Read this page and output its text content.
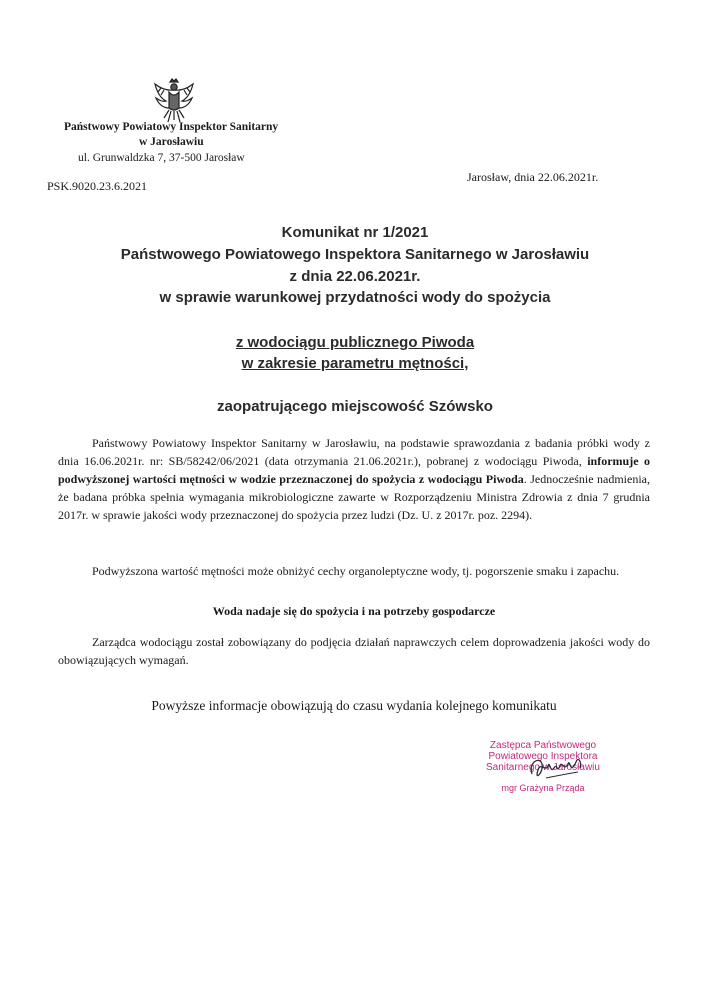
Państwowy Powiatowy Inspektor Sanitarny
w Jarosławiu
ul. Grunwaldzka 7, 37-500 Jarosław
PSK.9020.23.6.2021
Jarosław, dnia 22.06.2021r.
Komunikat nr 1/2021
Państwowego Powiatowego Inspektora Sanitarnego w Jarosławiu
z dnia 22.06.2021r.
w sprawie warunkowej przydatności wody do spożycia
z wodociągu publicznego Piwoda
w zakresie parametru mętności,
zaopatrującego miejscowość Szówsko
Państwowy Powiatowy Inspektor Sanitarny w Jarosławiu, na podstawie sprawozdania z badania próbki wody z dnia 16.06.2021r. nr: SB/58242/06/2021 (data otrzymania 21.06.2021r.), pobranej z wodociągu Piwoda, informuje o podwyższonej wartości mętności w wodzie przeznaczonej do spożycia z wodociągu Piwoda. Jednocześnie nadmienia, że badana próbka spełnia wymagania mikrobiologiczne zawarte w Rozporządzeniu Ministra Zdrowia z dnia 7 grudnia 2017r. w sprawie jakości wody przeznaczonej do spożycia przez ludzi (Dz. U. z 2017r. poz. 2294).
Podwyższona wartość mętności może obniżyć cechy organoleptyczne wody, tj. pogorszenie smaku i zapachu.
Woda nadaje się do spożycia i na potrzeby gospodarcze
Zarządca wodociągu został zobowiązany do podjęcia działań naprawczych celem doprowadzenia jakości wody do obowiązujących wymagań.
Powyższe informacje obowiązują do czasu wydania kolejnego komunikatu
Zastępca Państwowego
Powiatowego Inspektora
Sanitarnego w Jarosławiu
mgr Grażyna Prząda
